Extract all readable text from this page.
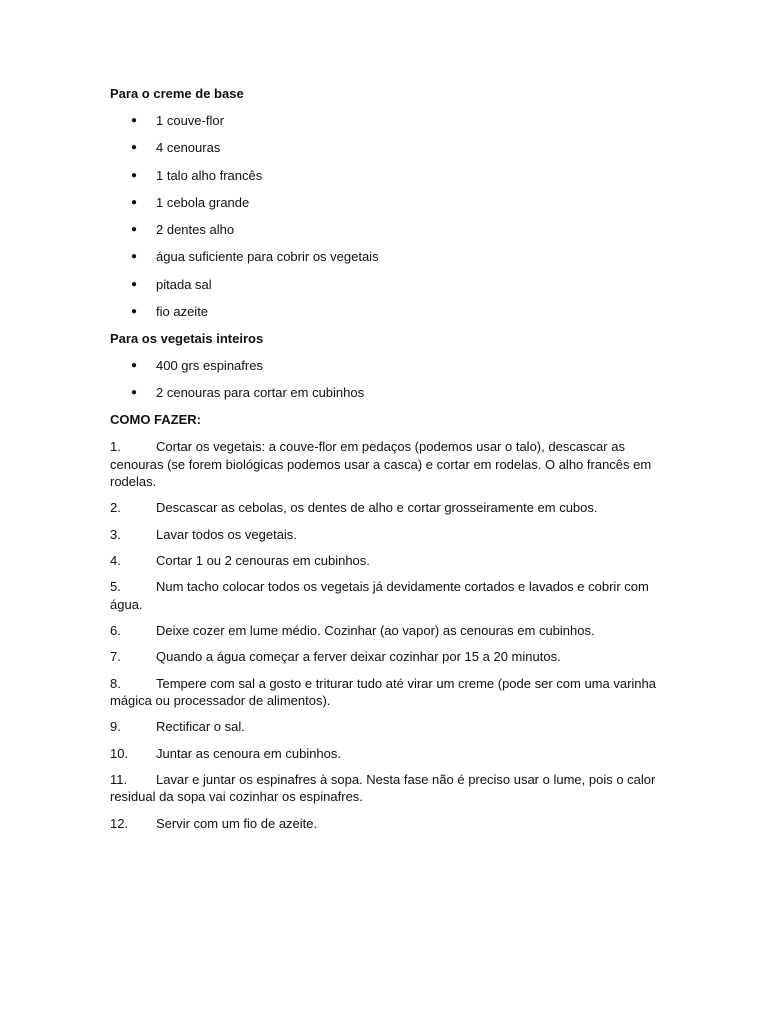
Para o creme de base
● 1 couve-flor
● 4 cenouras
● 1 talo alho francês
● 1 cebola grande
● 2 dentes alho
● água suficiente para cobrir os vegetais
● pitada sal
● fio azeite
Para os vegetais inteiros
● 400 grs espinafres
● 2 cenouras para cortar em cubinhos
COMO FAZER:
1.	Cortar os vegetais: a couve-flor em pedaços (podemos usar o talo), descascar as cenouras (se forem biológicas podemos usar a casca) e cortar em rodelas. O alho francês em rodelas.
2.	Descascar as cebolas, os dentes de alho e cortar grosseiramente em cubos.
3.	Lavar todos os vegetais.
4.	Cortar 1 ou 2 cenouras em cubinhos.
5.	Num tacho colocar todos os vegetais já devidamente cortados e lavados e cobrir com água.
6.	Deixe cozer em lume médio. Cozinhar (ao vapor) as cenouras em cubinhos.
7.	Quando a água começar a ferver deixar cozinhar por 15 a 20 minutos.
8.	Tempere com sal a gosto e triturar tudo até virar um creme (pode ser com uma varinha mágica ou processador de alimentos).
9.	Rectificar o sal.
10. Juntar as cenoura em cubinhos.
11. Lavar e juntar os espinafres à sopa. Nesta fase não é preciso usar o lume, pois o calor residual da sopa vai cozinhar os espinafres.
12. Servir com um fio de azeite.
